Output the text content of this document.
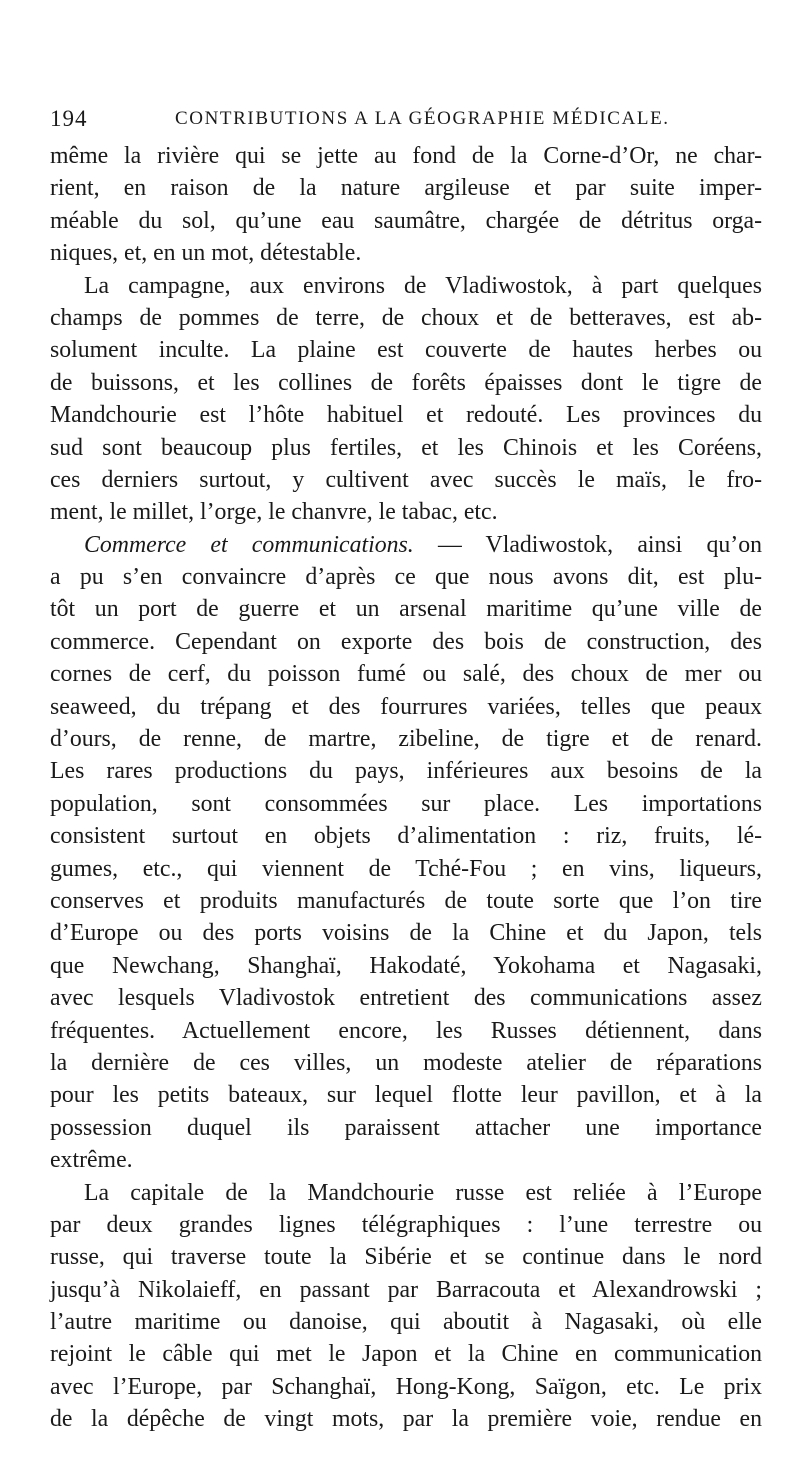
194	CONTRIBUTIONS A LA GÉOGRAPHIE MÉDICALE.
même la rivière qui se jette au fond de la Corne-d’Or, ne char-
rient, en raison de la nature argileuse et par suite imper-
méable du sol, qu’une eau saumâtre, chargée de détritus orga-
niques, et, en un mot, détestable.
La campagne, aux environs de Vladiwostok, à part quelques
champs de pommes de terre, de choux et de betteraves, est ab-
solument inculte. La plaine est couverte de hautes herbes ou
de buissons, et les collines de forêts épaisses dont le tigre de
Mandchourie est l’hôte habituel et redouté. Les provinces du
sud sont beaucoup plus fertiles, et les Chinois et les Coréens,
ces derniers surtout, y cultivent avec succès le maïs, le fro-
ment, le millet, l’orge, le chanvre, le tabac, etc.
Commerce et communications. — Vladiwostok, ainsi qu’on
a pu s’en convaincre d’après ce que nous avons dit, est plu-
tôt un port de guerre et un arsenal maritime qu’une ville de
commerce. Cependant on exporte des bois de construction, des
cornes de cerf, du poisson fumé ou salé, des choux de mer ou
seaweed, du trépang et des fourrures variées, telles que peaux
d’ours, de renne, de martre, zibeline, de tigre et de renard.
Les rares productions du pays, inférieures aux besoins de la
population, sont consommées sur place. Les importations
consistent surtout en objets d’alimentation : riz, fruits, lé-
gumes, etc., qui viennent de Tché-Fou ; en vins, liqueurs,
conserves et produits manufacturés de toute sorte que l’on tire
d’Europe ou des ports voisins de la Chine et du Japon, tels
que Newchang, Shanghaï, Hakodaté, Yokohama et Nagasaki,
avec lesquels Vladivostok entretient des communications assez
fréquentes. Actuellement encore, les Russes détiennent, dans
la dernière de ces villes, un modeste atelier de réparations
pour les petits bateaux, sur lequel flotte leur pavillon, et à la
possession duquel ils paraissent attacher une importance
extrême.
La capitale de la Mandchourie russe est reliée à l’Europe
par deux grandes lignes télégraphiques : l’une terrestre ou
russe, qui traverse toute la Sibérie et se continue dans le nord
jusqu’à Nikolaieff, en passant par Barracouta et Alexandrowski ;
l’autre maritime ou danoise, qui aboutit à Nagasaki, où elle
rejoint le câble qui met le Japon et la Chine en communication
avec l’Europe, par Schanghaï, Hong-Kong, Saïgon, etc. Le prix
de la dépêche de vingt mots, par la première voie, rendue en
